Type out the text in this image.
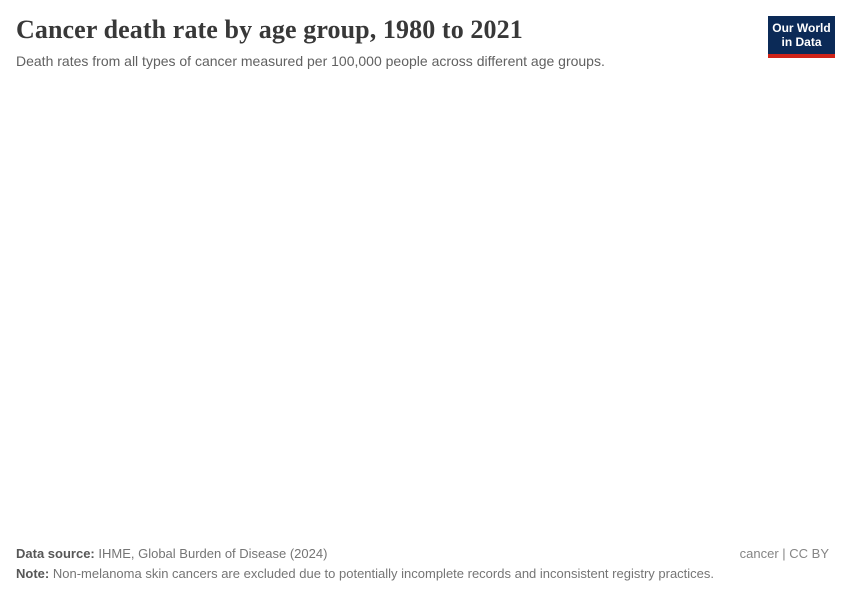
Cancer death rate by age group, 1980 to 2021

Death rates from all types of cancer measured per 100,000 people across different age groups.

Our World
in Data
Data source: IHME, Global Burden of Disease (2024)	cancer | CC BY
Note: Non-melanoma skin cancers are excluded due to potentially incomplete records and inconsistent registry practices.
